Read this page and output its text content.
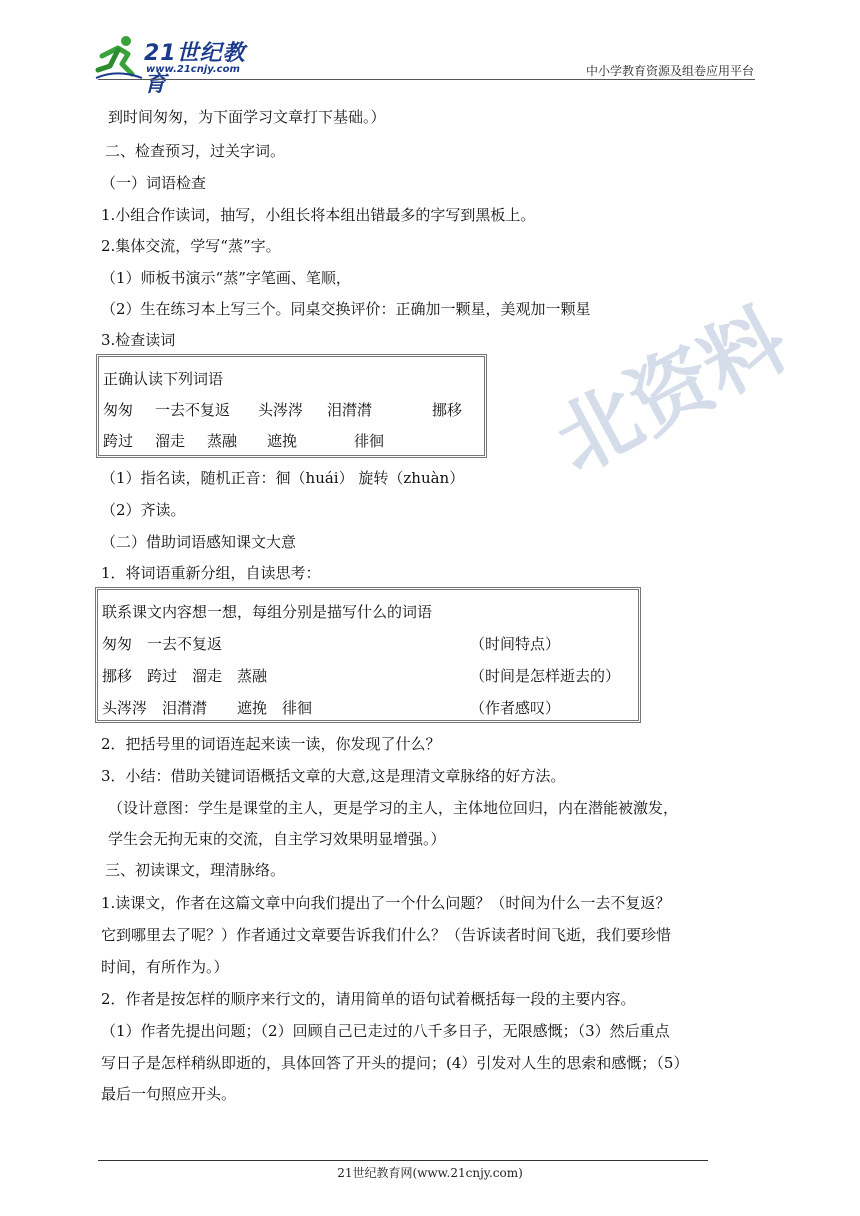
21世纪教育
www.21cnjy.com	中小学教育资源及组卷应用平台
北资料
到时间匆匆，为下面学习文章打下基础。）
二、检查预习，过关字词。
（一）词语检查
1.小组合作读词，抽写，小组长将本组出错最多的字写到黑板上。
2.集体交流，学写“蒸”字。
（1）师板书演示“蒸”字笔画、笔顺，
（2）生在练习本上写三个。同桌交换评价：正确加一颗星，美观加一颗星
3.检查读词
正确认读下列词语
匆匆 一去不复返 头涔涔 泪潸潸	挪移
跨过 溜走 蒸融 遮挽	徘徊
（1）指名读，随机正音：徊（huái） 旋转（zhuàn）
（2）齐读。
（二）借助词语感知课文大意
1．将词语重新分组，自读思考：
联系课文内容想一想，每组分别是描写什么的词语
匆匆　一去不复返	（时间特点）
挪移　跨过　溜走　蒸融	（时间是怎样逝去的）
头涔涔　泪潸潸　　遮挽　徘徊	（作者感叹）
2．把括号里的词语连起来读一读，你发现了什么？
3．小结：借助关键词语概括文章的大意,这是理清文章脉络的好方法。
（设计意图：学生是课堂的主人，更是学习的主人，主体地位回归，内在潜能被激发，
学生会无拘无束的交流，自主学习效果明显增强。）
三、初读课文，理清脉络。
1.读课文，作者在这篇文章中向我们提出了一个什么问题？（时间为什么一去不复返？
它到哪里去了呢？）作者通过文章要告诉我们什么？（告诉读者时间飞逝，我们要珍惜
时间，有所作为。）
2．作者是按怎样的顺序来行文的，请用简单的语句试着概括每一段的主要内容。
（1）作者先提出问题；（2）回顾自己已走过的八千多日子，无限感慨；（3）然后重点
写日子是怎样稍纵即逝的，具体回答了开头的提问；(4）引发对人生的思索和感慨；（5）
最后一句照应开头。
21世纪教育网(www.21cnjy.com)
